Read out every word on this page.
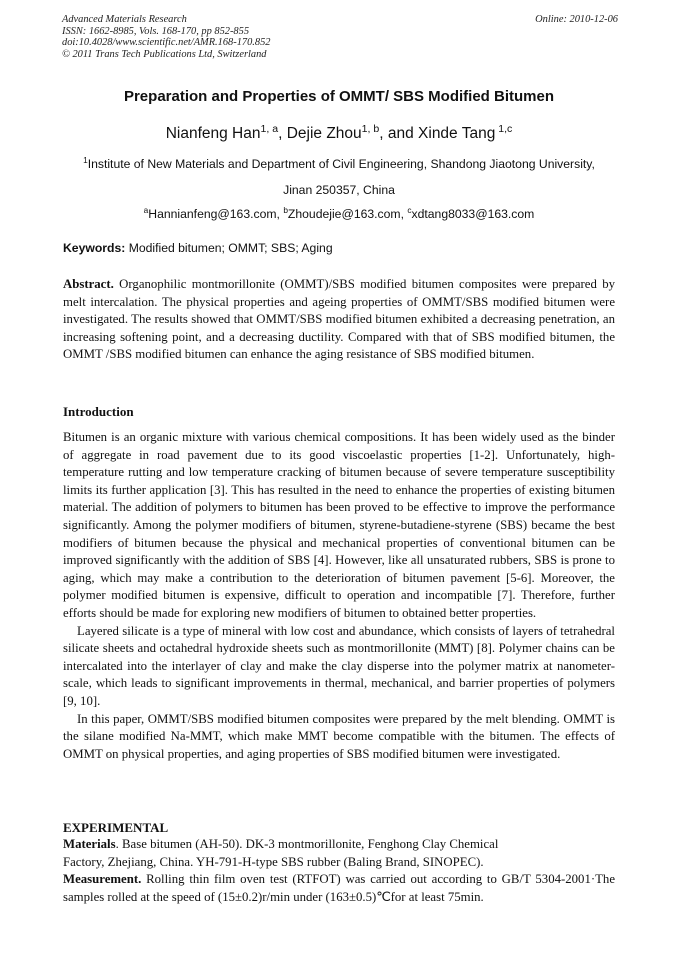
Advanced Materials Research
ISSN: 1662-8985, Vols. 168-170, pp 852-855
doi:10.4028/www.scientific.net/AMR.168-170.852
© 2011 Trans Tech Publications Ltd, Switzerland
Online: 2010-12-06
Preparation and Properties of OMMT/ SBS Modified Bitumen
Nianfeng Han$^{1, a}$, Dejie Zhou$^{1, b}$, and Xinde Tang $^{1,c}$
$^1$Institute of New Materials and Department of Civil Engineering, Shandong Jiaotong University,
Jinan 250357, China
$^a$Hannianfeng@163.com, $^b$Zhoudejie@163.com, $^c$xdtang8033@163.com
Keywords: Modified bitumen; OMMT; SBS; Aging
Abstract. Organophilic montmorillonite (OMMT)/SBS modified bitumen composites were prepared by melt intercalation. The physical properties and ageing properties of OMMT/SBS modified bitumen were investigated. The results showed that OMMT/SBS modified bitumen exhibited a decreasing penetration, an increasing softening point, and a decreasing ductility. Compared with that of SBS modified bitumen, the OMMT /SBS modified bitumen can enhance the aging resistance of SBS modified bitumen.
Introduction

Bitumen is an organic mixture with various chemical compositions. It has been widely used as the binder of aggregate in road pavement due to its good viscoelastic properties [1-2]. Unfortunately, high-temperature rutting and low temperature cracking of bitumen because of severe temperature susceptibility limits its further application [3]. This has resulted in the need to enhance the properties of existing bitumen material. The addition of polymers to bitumen has been proved to be effective to improve the performance significantly. Among the polymer modifiers of bitumen, styrene-butadiene-styrene (SBS) became the best modifiers of bitumen because the physical and mechanical properties of conventional bitumen can be improved significantly with the addition of SBS [4]. However, like all unsaturated rubbers, SBS is prone to aging, which may make a contribution to the deterioration of bitumen pavement [5-6]. Moreover, the polymer modified bitumen is expensive, difficult to operation and incompatible [7]. Therefore, further efforts should be made for exploring new modifiers of bitumen to obtained better properties.

Layered silicate is a type of mineral with low cost and abundance, which consists of layers of tetrahedral silicate sheets and octahedral hydroxide sheets such as montmorillonite (MMT) [8]. Polymer chains can be intercalated into the interlayer of clay and make the clay disperse into the polymer matrix at nanometer-scale, which leads to significant improvements in thermal, mechanical, and barrier properties of polymers [9, 10].

In this paper, OMMT/SBS modified bitumen composites were prepared by the melt blending. OMMT is the silane modified Na-MMT, which make MMT become compatible with the bitumen. The effects of OMMT on physical properties, and aging properties of SBS modified bitumen were investigated.

EXPERIMENTAL
Materials. Base bitumen (AH-50). DK-3 montmorillonite, Fenghong Clay Chemical
Factory, Zhejiang, China. YH-791-H-type SBS rubber (Baling Brand, SINOPEC).
Measurement. Rolling thin film oven test (RTFOT) was carried out according to GB/T 5304-2001·The samples rolled at the speed of (15±0.2)r/min under (163±0.5)℃for at least 75min.
